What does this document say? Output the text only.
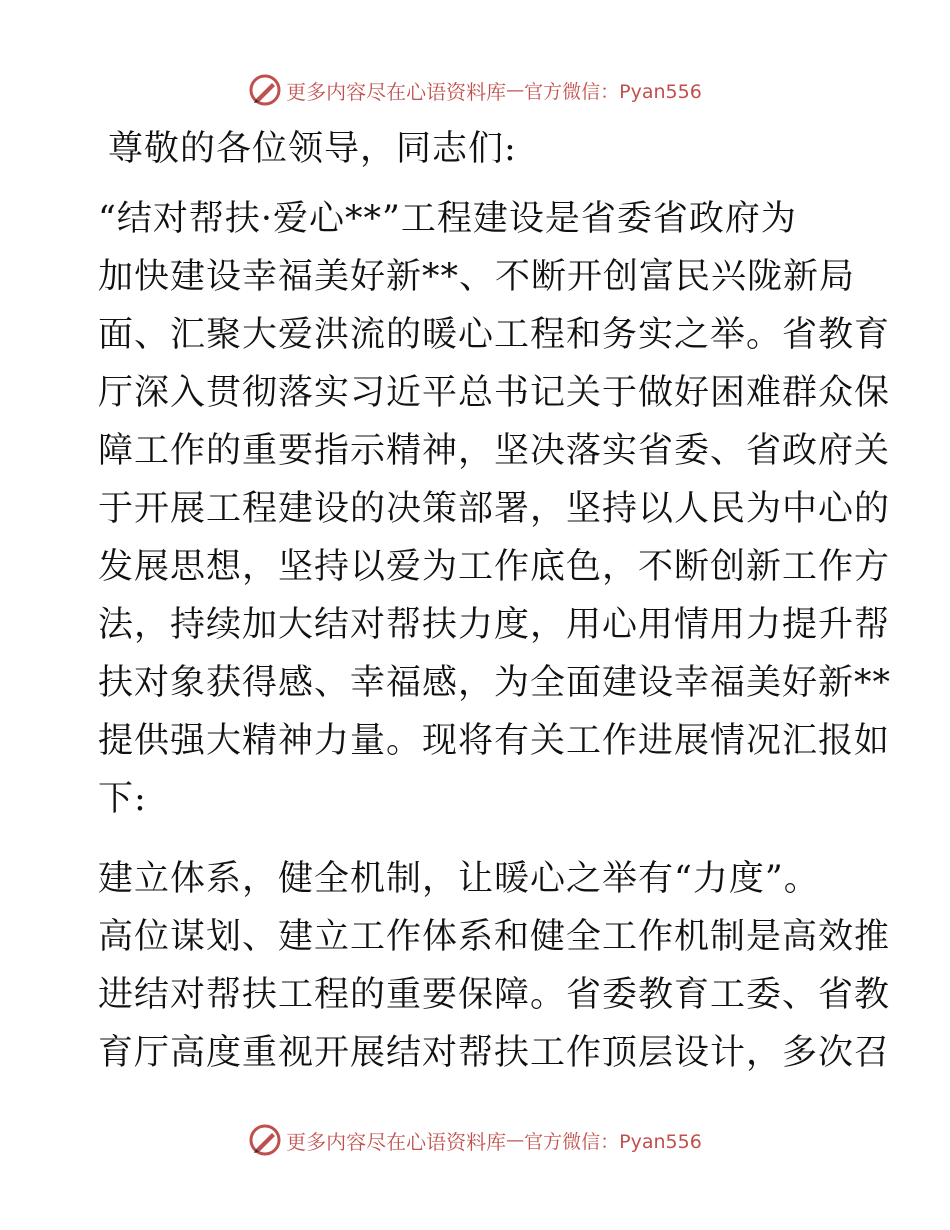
更多内容尽在心语资料库 — 官方微信：Pyan556

尊敬的各位领导，同志们:

“结对帮扶·爱心**”工程建设是省委省政府为

加快建设幸福美好新**、不断开创富民兴陇新局

面、汇聚大爱洪流的暖心工程和务实之举。省教育

厅深入贯彻落实习近平总书记关于做好困难群众保

障工作的重要指示精神，坚决落实省委、省政府关

于开展工程建设的决策部署，坚持以人民为中心的

发展思想，坚持以爱为工作底色，不断创新工作方

法，持续加大结对帮扶力度，用心用情用力提升帮

扶对象获得感、幸福感，为全面建设幸福美好新**

提供强大精神力量。现将有关工作进展情况汇报如

下:

建立体系，健全机制，让暖心之举有“力度”。

高位谋划、建立工作体系和健全工作机制是高效推

进结对帮扶工程的重要保障。省委教育工委、省教

育厅高度重视开展结对帮扶工作顶层设计，多次召

更多内容尽在心语资料库 — 官方微信：Pyan556
